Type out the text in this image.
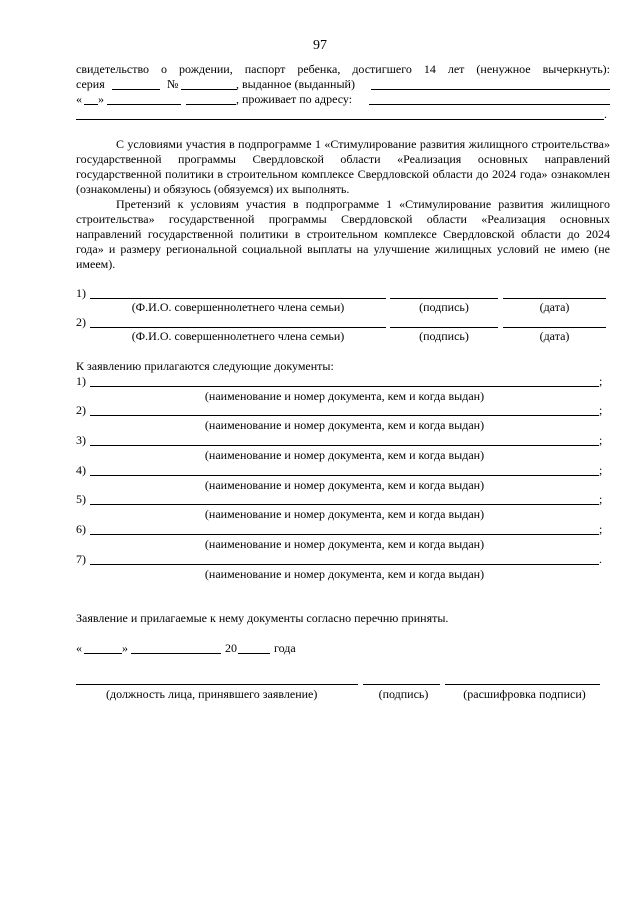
97
свидетельство о рождении, паспорт ребенка, достигшего 14 лет (ненужное вычеркнуть):
серия	№	, выданное (выданный)
« »	, проживает по адресу:
.

С условиями участия в подпрограмме 1 «Стимулирование развития жилищного строительства» государственной программы Свердловской области «Реализация основных направлений государственной политики в строительном комплексе Свердловской области до 2024 года» ознакомлен (ознакомлены) и обязуюсь (обязуемся) их выполнять.

Претензий к условиям участия в подпрограмме 1 «Стимулирование развития жилищного строительства» государственной программы Свердловской области «Реализация основных направлений государственной политики в строительном комплексе Свердловской области до 2024 года» и размеру региональной социальной выплаты на улучшение жилищных условий не имею (не имеем).

1)
(Ф.И.О. совершеннолетнего члена семьи)	(подпись)	(дата)
2)
(Ф.И.О. совершеннолетнего члена семьи)	(подпись)	(дата)
К заявлению прилагаются следующие документы:
1)	;
(наименование и номер документа, кем и когда выдан)
2)	;
(наименование и номер документа, кем и когда выдан)
3)	;
(наименование и номер документа, кем и когда выдан)
4)	;
(наименование и номер документа, кем и когда выдан)
5)	;
(наименование и номер документа, кем и когда выдан)
6)	;
(наименование и номер документа, кем и когда выдан)
7)	.
(наименование и номер документа, кем и когда выдан)
Заявление и прилагаемые к нему документы согласно перечню приняты.
«	»	20	года
(должность лица, принявшего заявление)	(подпись)	(расшифровка подписи)
